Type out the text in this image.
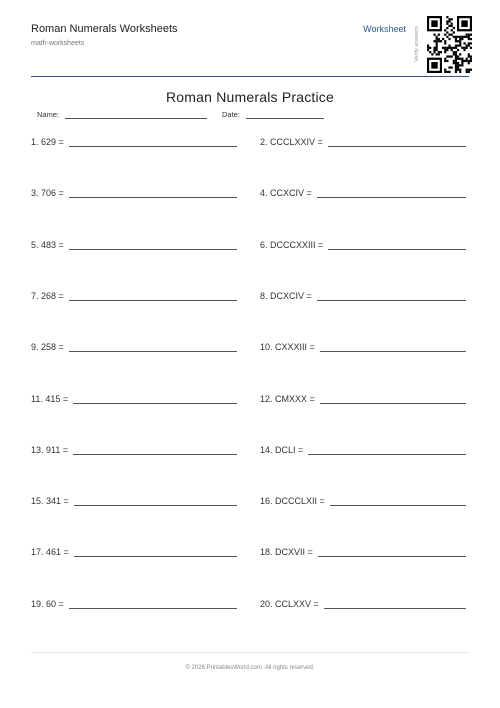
Roman Numerals Worksheets
math-worksheets
Worksheet Verify answers
Roman Numerals Practice
Name:	Date:
1. 629 =	2. CCCLXXIV =
3. 706 =	4. CCXCIV =
5. 483 =	6. DCCCXXIII =
7. 268 =	8. DCXCIV =
9. 258 =	10. CXXXIII =
11. 415 =	12. CMXXX =
13. 911 =	14. DCLI =
15. 341 =	16. DCCCLXII =
17. 461 =	18. DCXVII =
19. 60 =	20. CCLXXV =
© 2026 PrintablesWorld.com. All rights reserved.
